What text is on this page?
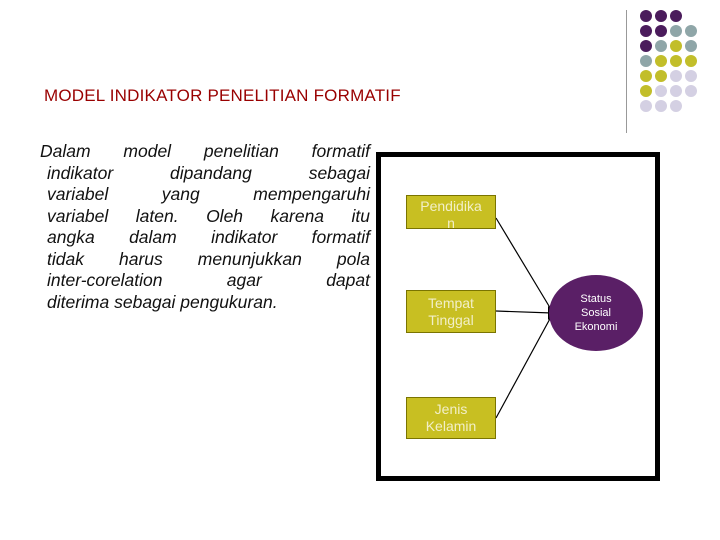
MODEL INDIKATOR PENELITIAN FORMATIF

Dalam model penelitian formatif

indikator dipandang sebagai

variabel yang mempengaruhi

variabel laten. Oleh karena itu

angka dalam indikator formatif

tidak harus menunjukkan pola

inter-corelation agar dapat

diterima sebagai pengukuran.

Pendidika
n
Tempat
Tinggal
Jenis
Kelamin
Status
Sosial
Ekonomi
